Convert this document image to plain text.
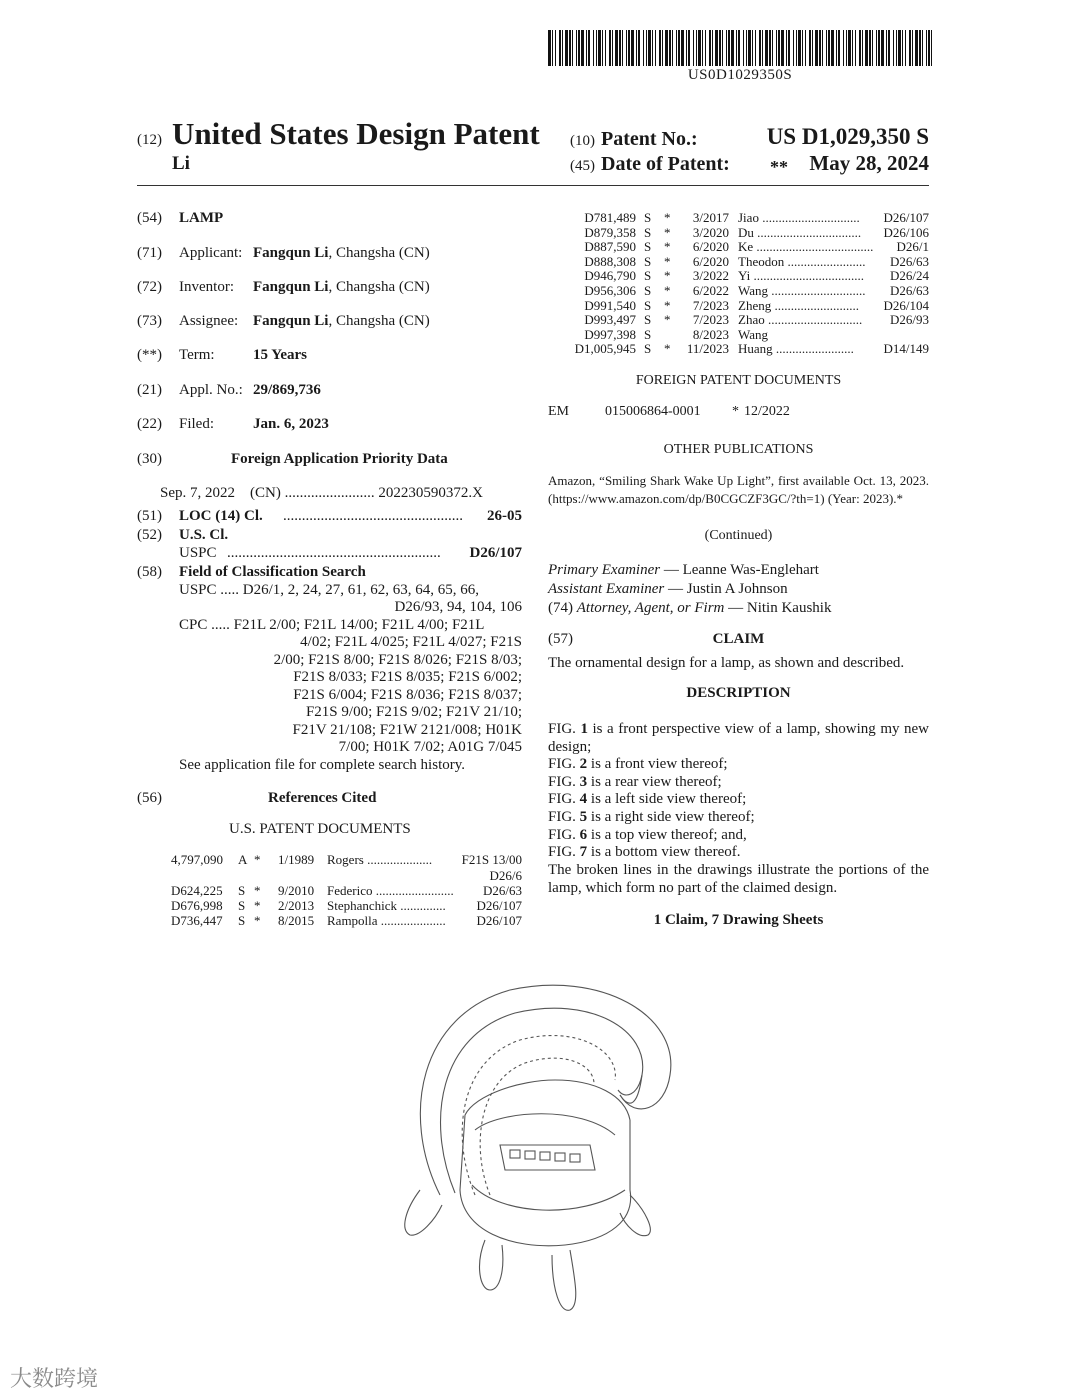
US0D1029350S
(12) United States Design Patent
Li
(10) Patent No.:	US D1,029,350 S
(45) Date of Patent: ** May 28, 2024
(54) LAMP
(71) Applicant: Fangqun Li, Changsha (CN)
(72) Inventor: Fangqun Li, Changsha (CN)
(73) Assignee: Fangqun Li, Changsha (CN)
(**) Term:	15 Years
(21) Appl. No.: 29/869,736
(22) Filed:	Jan. 6, 2023
(30)	Foreign Application Priority Data
Sep. 7, 2022    (CN) ........................ 202230590372.X
(51) LOC (14) Cl. ................................................ 26-05
(52) U.S. Cl.
USPC ......................................................... D26/107
(58) Field of Classification Search
USPC ..... D26/1, 2, 24, 27, 61, 62, 63, 64, 65, 66,
D26/93, 94, 104, 106
CPC ..... F21L 2/00; F21L 14/00; F21L 4/00; F21L
4/02; F21L 4/025; F21L 4/027; F21S
2/00; F21S 8/00; F21S 8/026; F21S 8/03;
F21S 8/033; F21S 8/035; F21S 6/002;
F21S 6/004; F21S 8/036; F21S 8/037;
F21S 9/00; F21S 9/02; F21V 21/10;
F21V 21/108; F21W 2121/008; H01K
7/00; H01K 7/02; A01G 7/045
See application file for complete search history.
(56)	References Cited
U.S. PATENT DOCUMENTS
4,797,090 A * 1/1989 Rogers .................... F21S 13/00
D26/6
D624,225 S * 9/2010 Federico ........................ D26/63
D676,998 S * 2/2013 Stephanchick .............. D26/107
D736,447 S * 8/2015 Rampolla .................... D26/107
D781,489 S * 3/2017 Jiao .............................. D26/107
D879,358 S * 3/2020 Du ................................ D26/106
D887,590 S * 6/2020 Ke .................................... D26/1
D888,308 S * 6/2020 Theodon ........................ D26/63
D946,790 S * 3/2022 Yi .................................. D26/24
D956,306 S * 6/2022 Wang ............................. D26/63
D991,540 S * 7/2023 Zheng .......................... D26/104
D993,497 S * 7/2023 Zhao ............................. D26/93
D997,398 S	8/2023 Wang
D1,005,945 S * 11/2023 Huang ........................ D14/149
FOREIGN PATENT DOCUMENTS
EM	015006864-0001 * 12/2022
OTHER PUBLICATIONS
Amazon, “Smiling Shark Wake Up Light”, first available Oct. 13, 2023. (https://www.amazon.com/dp/B0CGCZF3GC/?th=1) (Year: 2023).*
(Continued)
Primary Examiner — Leanne Was-Englehart
Assistant Examiner — Justin A Johnson
(74) Attorney, Agent, or Firm — Nitin Kaushik
(57)	CLAIM
The ornamental design for a lamp, as shown and described.
DESCRIPTION
FIG. 1 is a front perspective view of a lamp, showing my new design;
FIG. 2 is a front view thereof;
FIG. 3 is a rear view thereof;
FIG. 4 is a left side view thereof;
FIG. 5 is a right side view thereof;
FIG. 6 is a top view thereof; and,
FIG. 7 is a bottom view thereof.
The broken lines in the drawings illustrate the portions of the lamp, which form no part of the claimed design.
1 Claim, 7 Drawing Sheets
大数跨境
